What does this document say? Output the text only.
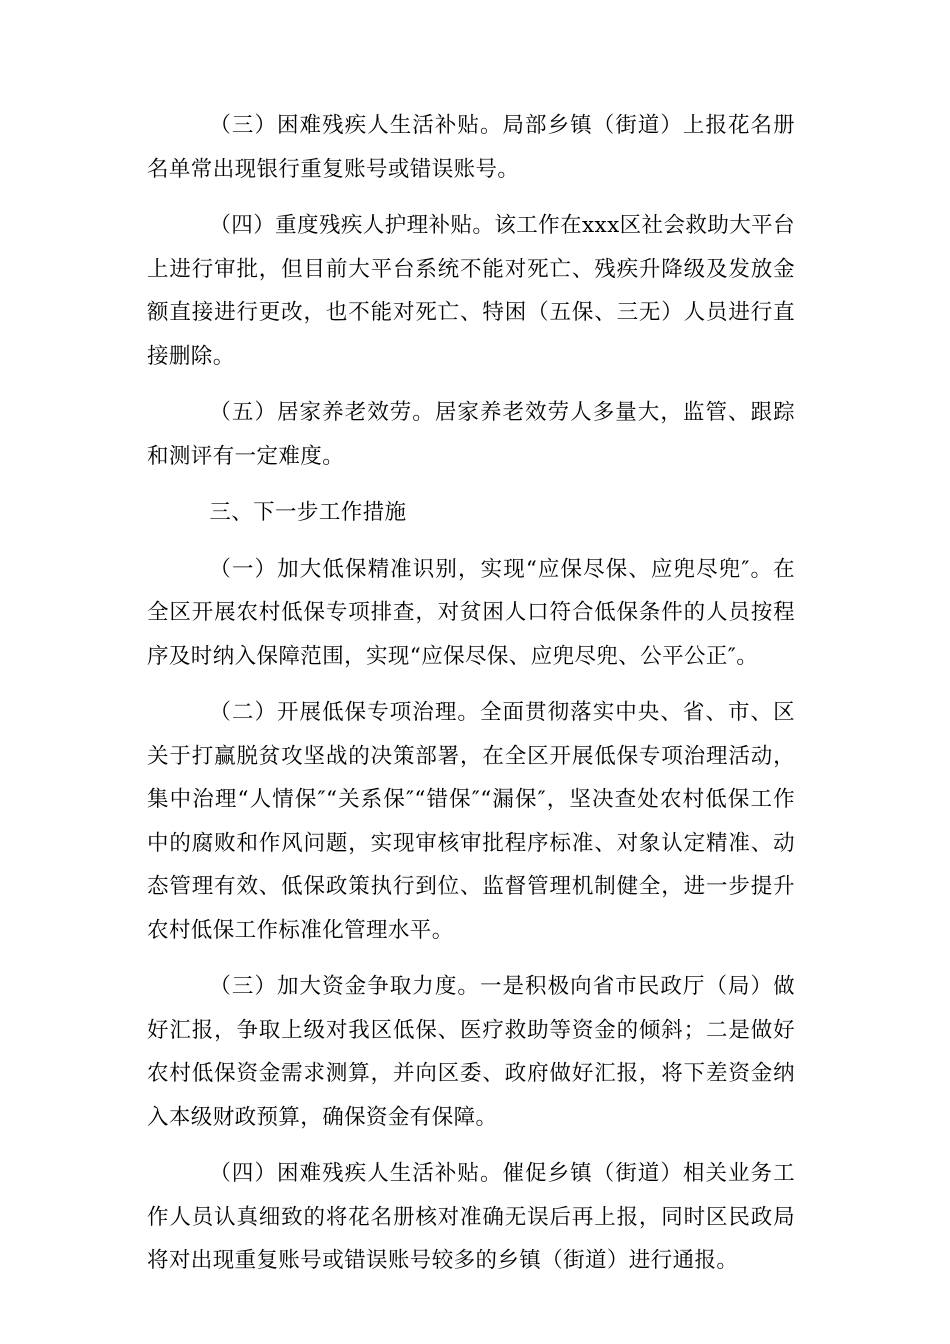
（三）困难残疾人生活补贴。局部乡镇（街道）上报花名册名单常出现银行重复账号或错误账号。

（四）重度残疾人护理补贴。该工作在xxx区社会救助大平台上进行审批，但目前大平台系统不能对死亡、残疾升降级及发放金额直接进行更改，也不能对死亡、特困（五保、三无）人员进行直接删除。

（五）居家养老效劳。居家养老效劳人多量大，监管、跟踪和测评有一定难度。

三、下一步工作措施

（一）加大低保精准识别，实现“应保尽保、应兜尽兜″。在全区开展农村低保专项排查，对贫困人口符合低保条件的人员按程序及时纳入保障范围，实现“应保尽保、应兜尽兜、公平公正″。

（二）开展低保专项治理。全面贯彻落实中央、省、市、区关于打赢脱贫攻坚战的决策部署，在全区开展低保专项治理活动，集中治理“人情保″“关系保″“错保″“漏保″，坚决查处农村低保工作中的腐败和作风问题，实现审核审批程序标准、对象认定精准、动态管理有效、低保政策执行到位、监督管理机制健全，进一步提升农村低保工作标准化管理水平。

（三）加大资金争取力度。一是积极向省市民政厅（局）做好汇报，争取上级对我区低保、医疗救助等资金的倾斜；二是做好农村低保资金需求测算，并向区委、政府做好汇报，将下差资金纳入本级财政预算，确保资金有保障。

（四）困难残疾人生活补贴。催促乡镇（街道）相关业务工作人员认真细致的将花名册核对准确无误后再上报，同时区民政局将对出现重复账号或错误账号较多的乡镇（街道）进行通报。
